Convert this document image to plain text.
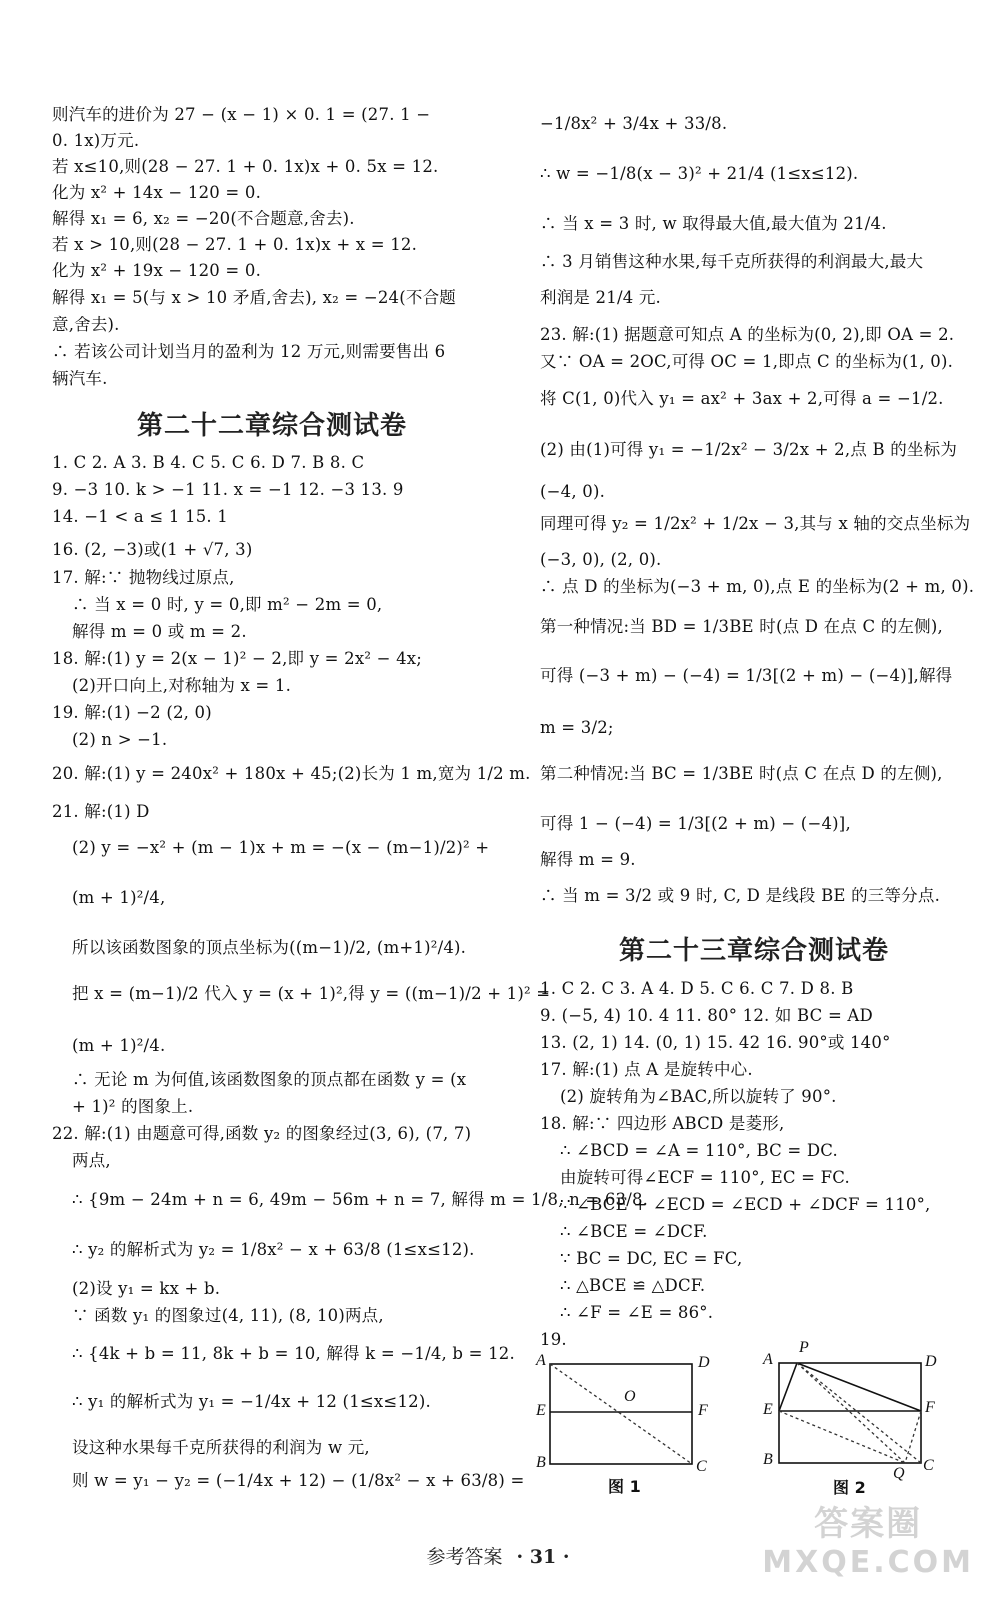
则汽车的进价为 27 − (x − 1) × 0. 1 = (27. 1 −
0. 1x)万元.
若 x≤10,则(28 − 27. 1 + 0. 1x)x + 0. 5x = 12.
化为 x² + 14x − 120 = 0.
解得 x₁ = 6, x₂ = −20(不合题意,舍去).
若 x > 10,则(28 − 27. 1 + 0. 1x)x + x = 12.
化为 x² + 19x − 120 = 0.
解得 x₁ = 5(与 x > 10 矛盾,舍去), x₂ = −24(不合题
意,舍去).
∴ 若该公司计划当月的盈利为 12 万元,则需要售出 6
辆汽车.
第二十二章综合测试卷
1. C 2. A 3. B 4. C 5. C 6. D 7. B 8. C
9. −3 10. k > −1 11. x = −1 12. −3 13. 9
14. −1 < a ≤ 1 15. 1
16. (2, −3)或(1 + √7, 3)
17. 解:∵ 抛物线过原点,
∴ 当 x = 0 时, y = 0,即 m² − 2m = 0,
解得 m = 0 或 m = 2.
18. 解:(1) y = 2(x − 1)² − 2,即 y = 2x² − 4x;
(2)开口向上,对称轴为 x = 1.
19. 解:(1) −2 (2, 0)
(2) n > −1.
20. 解:(1) y = 240x² + 180x + 45;(2)长为 1 m,宽为 1/2 m.
21. 解:(1) D
(2) y = −x² + (m − 1)x + m = −(x − (m−1)/2)² +
(m + 1)²/4,
所以该函数图象的顶点坐标为((m−1)/2, (m+1)²/4).
把 x = (m−1)/2 代入 y = (x + 1)²,得 y = ((m−1)/2 + 1)² =
(m + 1)²/4.
∴ 无论 m 为何值,该函数图象的顶点都在函数 y = (x
+ 1)² 的图象上.
22. 解:(1) 由题意可得,函数 y₂ 的图象经过(3, 6), (7, 7)
两点,
∴ {9m − 24m + n = 6, 49m − 56m + n = 7, 解得 m = 1/8, n = 63/8.
∴ y₂ 的解析式为 y₂ = 1/8x² − x + 63/8 (1≤x≤12).
(2)设 y₁ = kx + b.
∵ 函数 y₁ 的图象过(4, 11), (8, 10)两点,
∴ {4k + b = 11, 8k + b = 10, 解得 k = −1/4, b = 12.
∴ y₁ 的解析式为 y₁ = −1/4x + 12 (1≤x≤12).
设这种水果每千克所获得的利润为 w 元,
则 w = y₁ − y₂ = (−1/4x + 12) − (1/8x² − x + 63/8) =
−1/8x² + 3/4x + 33/8.
∴ w = −1/8(x − 3)² + 21/4 (1≤x≤12).
∴ 当 x = 3 时, w 取得最大值,最大值为 21/4.
∴ 3 月销售这种水果,每千克所获得的利润最大,最大
利润是 21/4 元.
23. 解:(1) 据题意可知点 A 的坐标为(0, 2),即 OA = 2.
又∵ OA = 2OC,可得 OC = 1,即点 C 的坐标为(1, 0).
将 C(1, 0)代入 y₁ = ax² + 3ax + 2,可得 a = −1/2.
(2) 由(1)可得 y₁ = −1/2x² − 3/2x + 2,点 B 的坐标为
(−4, 0).
同理可得 y₂ = 1/2x² + 1/2x − 3,其与 x 轴的交点坐标为
(−3, 0), (2, 0).
∴ 点 D 的坐标为(−3 + m, 0),点 E 的坐标为(2 + m, 0).
第一种情况:当 BD = 1/3BE 时(点 D 在点 C 的左侧),
可得 (−3 + m) − (−4) = 1/3[(2 + m) − (−4)],解得
m = 3/2;
第二种情况:当 BC = 1/3BE 时(点 C 在点 D 的左侧),
可得 1 − (−4) = 1/3[(2 + m) − (−4)],
解得 m = 9.
∴ 当 m = 3/2 或 9 时, C, D 是线段 BE 的三等分点.
第二十三章综合测试卷
1. C 2. C 3. A 4. D 5. C 6. C 7. D 8. B
9. (−5, 4) 10. 4 11. 80° 12. 如 BC = AD
13. (2, 1) 14. (0, 1) 15. 42 16. 90°或 140°
17. 解:(1) 点 A 是旋转中心.
(2) 旋转角为∠BAC,所以旋转了 90°.
18. 解:∵ 四边形 ABCD 是菱形,
∴ ∠BCD = ∠A = 110°, BC = DC.
由旋转可得∠ECF = 110°, EC = FC.
∵ ∠BCE + ∠ECD = ∠ECD + ∠DCF = 110°,
∴ ∠BCE = ∠DCF.
∵ BC = DC, EC = FC,
∴ △BCE ≌ △DCF.
∴ ∠F = ∠E = 86°.
19.
A	D
E	F
B	C
O
图 1
A
P
D
E	F
B
Q C
图 2
参考答案 · 31 ·
答案圈
MXQE.COM
